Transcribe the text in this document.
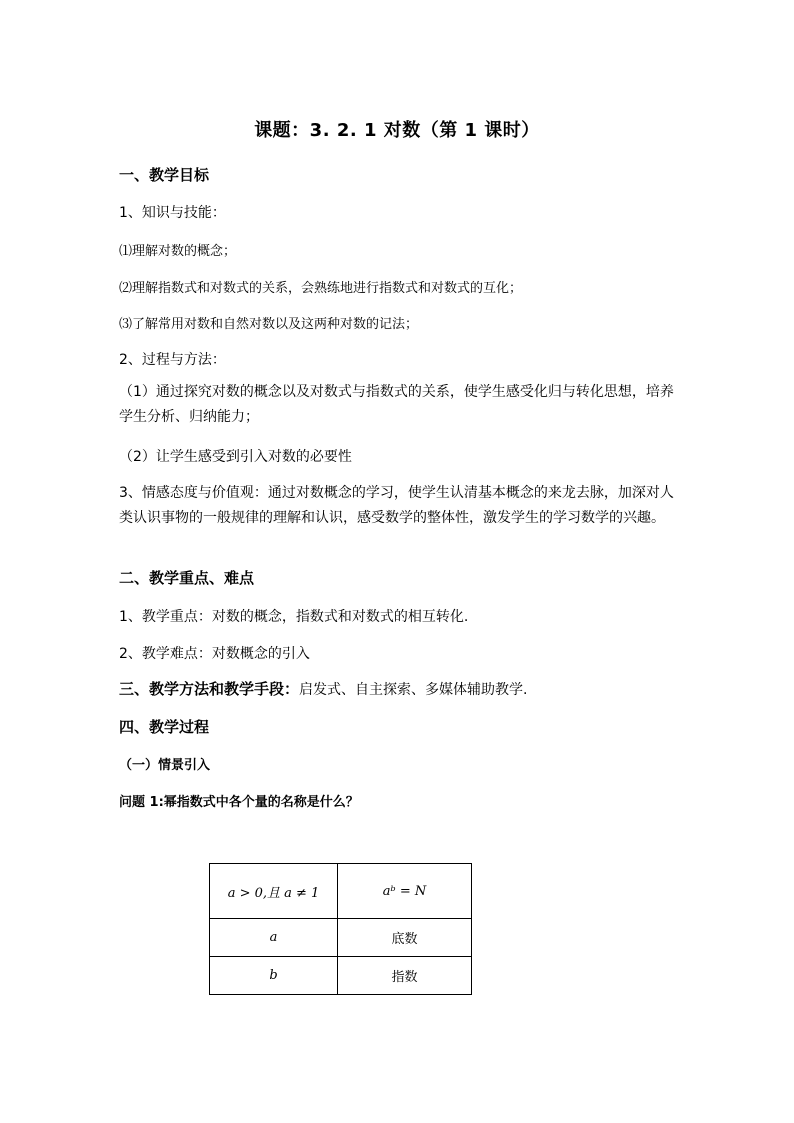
课题：3. 2. 1 对数（第 1 课时）
一、教学目标
1、知识与技能：
⑴理解对数的概念；
⑵理解指数式和对数式的关系，会熟练地进行指数式和对数式的互化；
⑶了解常用对数和自然对数以及这两种对数的记法；
2、过程与方法：
（1）通过探究对数的概念以及对数式与指数式的关系，使学生感受化归与转化思想，培养学生分析、归纳能力；
（2）让学生感受到引入对数的必要性
3、情感态度与价值观：通过对数概念的学习，使学生认清基本概念的来龙去脉，加深对人类认识事物的一般规律的理解和认识，感受数学的整体性，激发学生的学习数学的兴趣。
二、教学重点、难点
1、教学重点：对数的概念，指数式和对数式的相互转化.
2、教学难点：对数概念的引入
三、教学方法和教学手段：启发式、自主探索、多媒体辅助教学.
四、教学过程
（一）情景引入
问题 1:幂指数式中各个量的名称是什么？
a > 0,且 a ≠ 1	aᵇ = N
a	底数
b	指数
